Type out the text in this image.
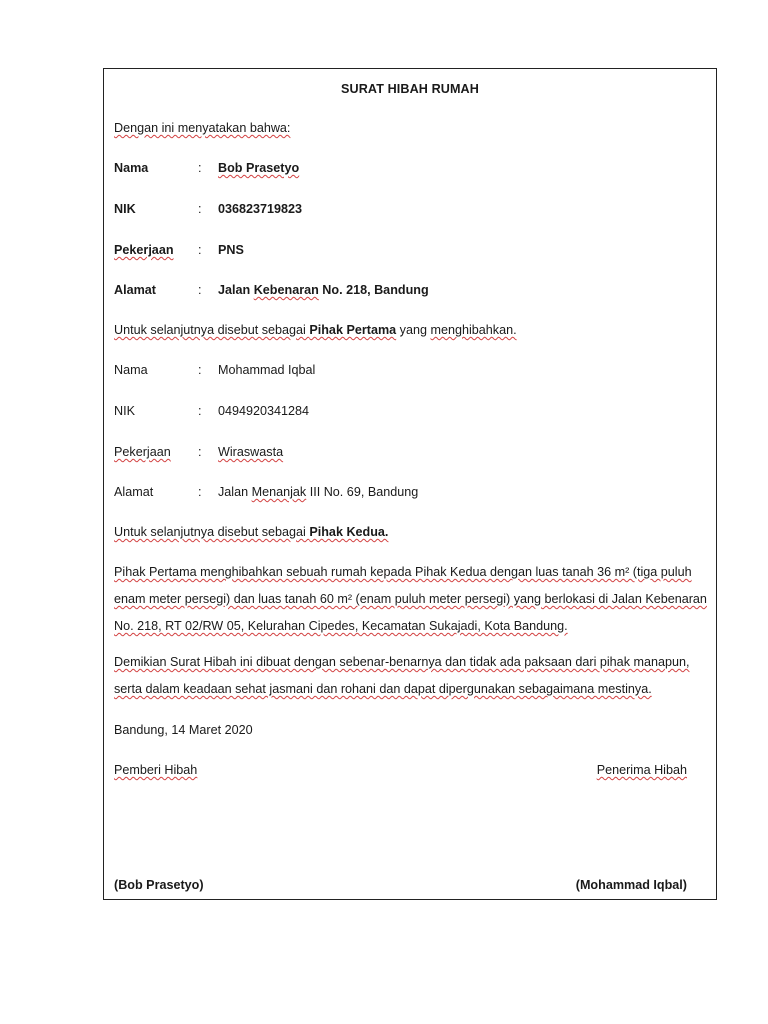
SURAT HIBAH RUMAH
Dengan ini menyatakan bahwa:
Nama	: Bob Prasetyo
NIK	: 036823719823
Pekerjaan : PNS
Alamat	: Jalan Kebenaran No. 218, Bandung
Untuk selanjutnya disebut sebagai Pihak Pertama yang menghibahkan.
Nama	: Mohammad Iqbal
NIK	: 0494920341284
Pekerjaan : Wiraswasta
Alamat	: Jalan Menanjak III No. 69, Bandung
Untuk selanjutnya disebut sebagai Pihak Kedua.
Pihak Pertama menghibahkan sebuah rumah kepada Pihak Kedua dengan luas tanah 36 m² (tiga puluh
enam meter persegi) dan luas tanah 60 m² (enam puluh meter persegi) yang berlokasi di Jalan Kebenaran
No. 218, RT 02/RW 05, Kelurahan Cipedes, Kecamatan Sukajadi, Kota Bandung.
Demikian Surat Hibah ini dibuat dengan sebenar-benarnya dan tidak ada paksaan dari pihak manapun,
serta dalam keadaan sehat jasmani dan rohani dan dapat dipergunakan sebagaimana mestinya.
Bandung, 14 Maret 2020
Pemberi Hibah	Penerima Hibah
(Bob Prasetyo)	(Mohammad Iqbal)
